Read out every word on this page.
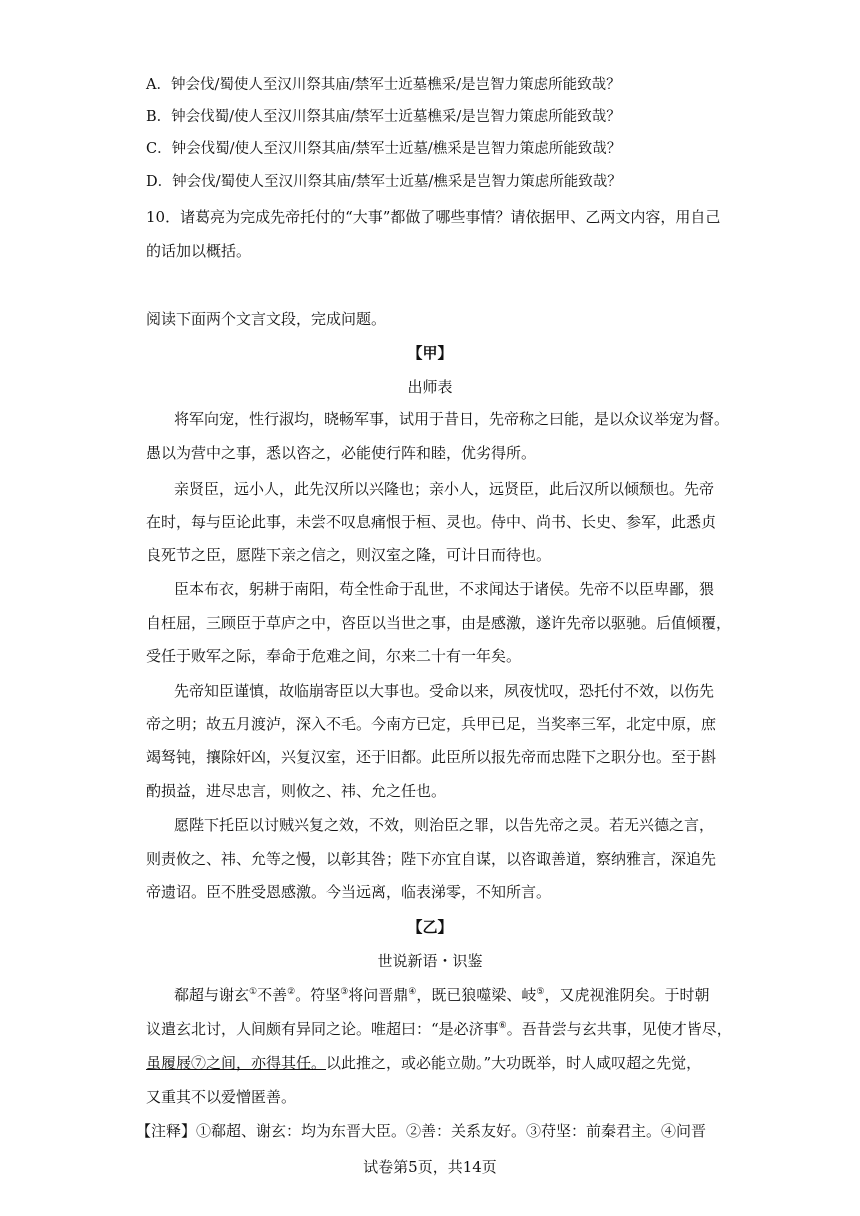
A．钟会伐/蜀使人至汉川祭其庙/禁军士近墓樵采/是岂智力策虑所能致哉？
B．钟会伐蜀/使人至汉川祭其庙/禁军士近墓樵采/是岂智力策虑所能致哉？
C．钟会伐蜀/使人至汉川祭其庙/禁军士近墓/樵采是岂智力策虑所能致哉？
D．钟会伐/蜀使人至汉川祭其庙/禁军士近墓/樵采是岂智力策虑所能致哉？
10．诸葛亮为完成先帝托付的“大事”都做了哪些事情？请依据甲、乙两文内容，用自己
的话加以概括。
阅读下面两个文言文段，完成问题。
【甲】
出师表
将军向宠，性行淑均，晓畅军事，试用于昔日，先帝称之曰能，是以众议举宠为督。
愚以为营中之事，悉以咨之，必能使行阵和睦，优劣得所。
亲贤臣，远小人，此先汉所以兴隆也；亲小人，远贤臣，此后汉所以倾颓也。先帝
在时，每与臣论此事，未尝不叹息痛恨于桓、灵也。侍中、尚书、长史、参军，此悉贞
良死节之臣，愿陛下亲之信之，则汉室之隆，可计日而待也。
臣本布衣，躬耕于南阳，苟全性命于乱世，不求闻达于诸侯。先帝不以臣卑鄙，猥
自枉屈，三顾臣于草庐之中，咨臣以当世之事，由是感激，遂许先帝以驱驰。后值倾覆，
受任于败军之际，奉命于危难之间，尔来二十有一年矣。
先帝知臣谨慎，故临崩寄臣以大事也。受命以来，夙夜忧叹，恐托付不效，以伤先
帝之明；故五月渡泸，深入不毛。今南方已定，兵甲已足，当奖率三军，北定中原，庶
竭驽钝，攘除奸凶，兴复汉室，还于旧都。此臣所以报先帝而忠陛下之职分也。至于斟
酌损益，进尽忠言，则攸之、祎、允之任也。
愿陛下托臣以讨贼兴复之效，不效，则治臣之罪，以告先帝之灵。若无兴德之言，
则责攸之、祎、允等之慢，以彰其咎；陛下亦宜自谋，以咨诹善道，察纳雅言，深追先
帝遗诏。臣不胜受恩感激。今当远离，临表涕零，不知所言。
【乙】
世说新语・识鉴
郗超与谢玄①不善②。符坚③将问晋鼎④，既已狼噬梁、岐⑤，又虎视淮阴矣。于时朝
议遣玄北讨，人间颇有异同之论。唯超曰：“是必济事⑥。吾昔尝与玄共事，见使才皆尽，
虽履屐⑦之间，亦得其任。以此推之，或必能立勋。”大功既举，时人咸叹超之先觉，
又重其不以爱憎匿善。
【注释】①郗超、谢玄：均为东晋大臣。②善：关系友好。③苻坚：前秦君主。④问晋
试卷第5页，共14页
